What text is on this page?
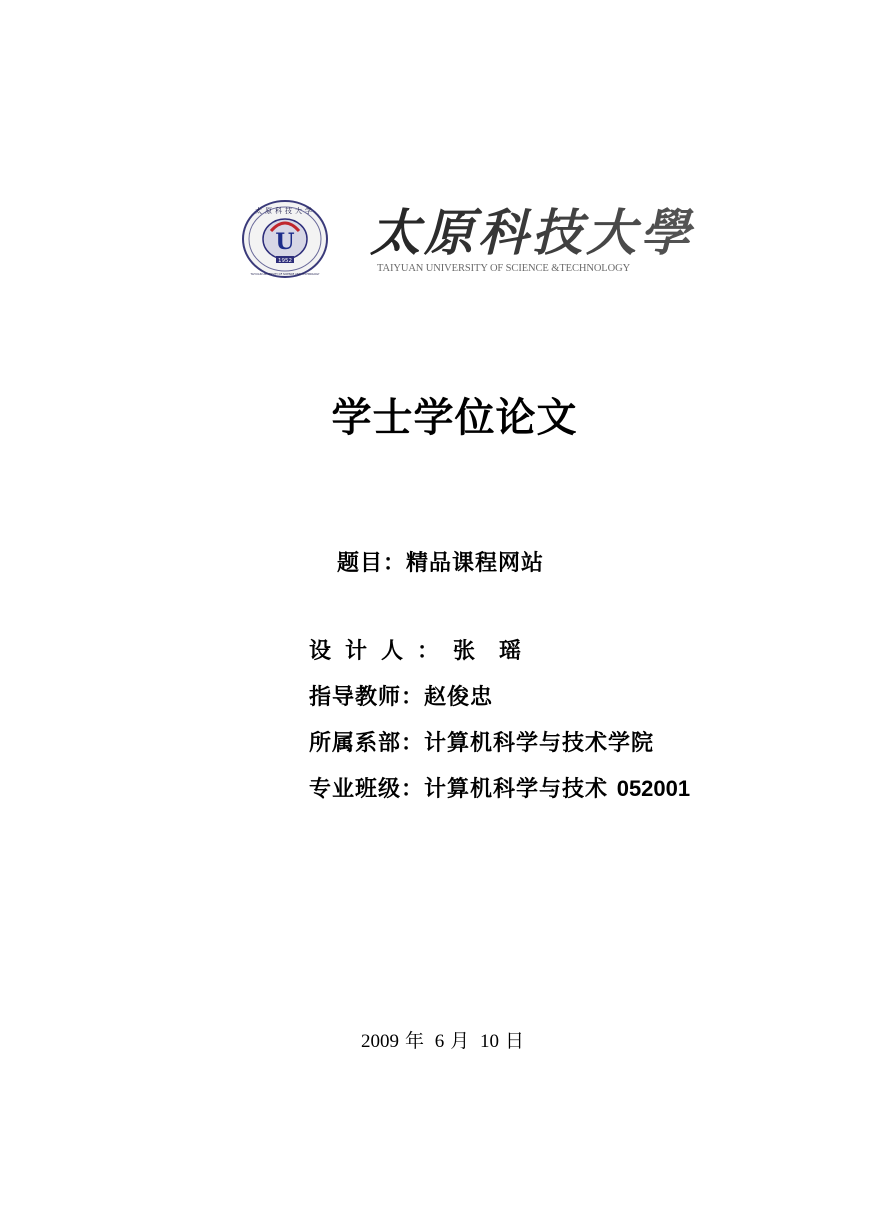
U
1952
太原科技大学
TAIYUAN UNIVERSITY OF SCIENCE AND TECHNOLOGY
太原科技大學
TAIYUAN UNIVERSITY OF SCIENCE &TECHNOLOGY
学士学位论文
题目：精品课程网站
设计人：张　瑶
指导教师：赵俊忠
所属系部：计算机科学与技术学院
专业班级：计算机科学与技术 052001
2009 年 6 月 10 日
